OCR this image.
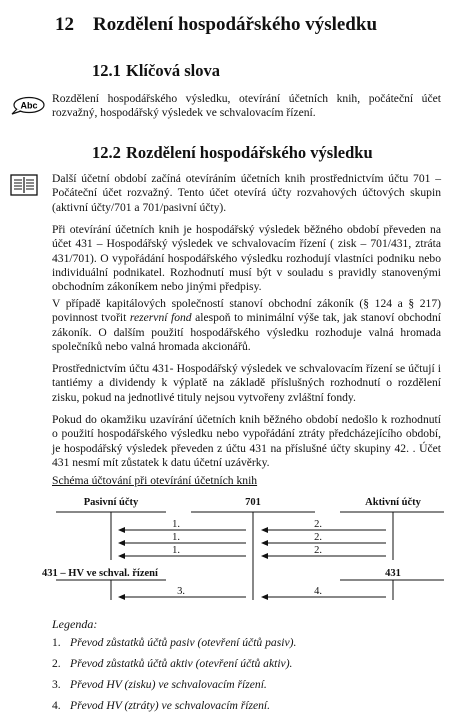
12 Rozdělení hospodářského výsledku
12.1 Klíčová slova
Abc
Rozdělení hospodářského výsledku, otevírání účetních knih, počáteční účet rozvažný, hospodářský výsledek ve schvalovacím řízení.
12.2 Rozdělení hospodářského výsledku
Další účetní období začíná otevíráním účetních knih prostřednictvím účtu 701 – Počáteční účet rozvažný. Tento účet otevírá účty rozvahových účtových skupin (aktivní účty/701 a 701/pasivní účty).
Při otevírání účetních knih je hospodářský výsledek běžného období převeden na účet 431 – Hospodářský výsledek ve schvalovacím řízení ( zisk – 701/431, ztráta 431/701). O vypořádání hospodářského výsledku rozhodují vlastníci podniku nebo individuální podnikatel. Rozhodnutí musí být v souladu s pravidly stanovenými obchodním zákoníkem nebo jinými předpisy.
V případě kapitálových společností stanoví obchodní zákoník (§ 124 a § 217) povinnost tvořit rezervní fond alespoň to minimální výše tak, jak stanoví obchodní zákoník. O dalším použití hospodářského výsledku rozhoduje valná hromada společníků nebo valná hromada akcionářů.
Prostřednictvím účtu 431- Hospodářský výsledek ve schvalovacím řízení se účtují i tantiémy a dividendy k výplatě na základě příslušných rozhodnutí o rozdělení zisku, pokud na jednotlivé tituly nejsou vytvořeny zvláštní fondy.
Pokud do okamžiku uzavírání účetních knih běžného období nedošlo k rozhodnutí o použití hospodářského výsledku nebo vypořádání ztráty předcházejícího období, je hospodářský výsledek převeden z účtu 431 na příslušné účty skupiny 42. . Účet 431 nesmí mít zůstatek k datu účetní uzávěrky.
Schéma účtování při otevírání účetních knih
Pasivní účty	701	Aktivní účty
431 – HV ve schval. řízení	431
1.
1.
1.
3.
2.
2.
2.
4.
Legenda:
1. Převod zůstatků účtů pasiv (otevření účtů pasiv).
2. Převod zůstatků účtů aktiv (otevření účtů aktiv).
3. Převod HV (zisku) ve schvalovacím řízení.
4. Převod HV (ztráty) ve schvalovacím řízení.
